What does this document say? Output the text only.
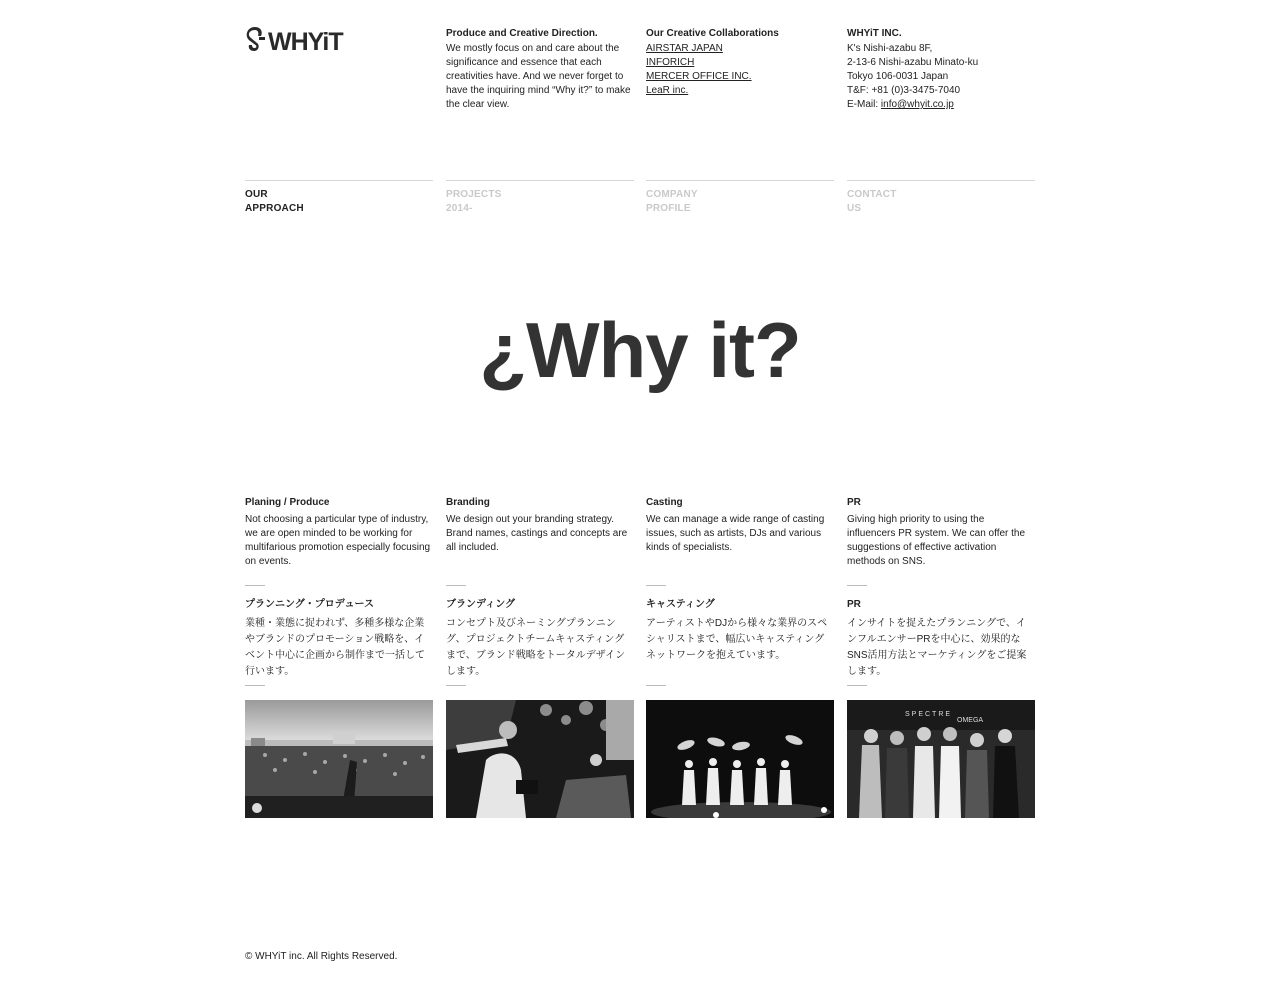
WHYiT	Produce and Creative Direction.
We mostly focus on and care about the significance and essence that each creativities have. And we never forget to have the inquiring mind “Why it?” to make the clear view.
Our Creative Collaborations
AIRSTAR JAPAN
INFORICH
MERCER OFFICE INC.
LeaR inc.
WHYiT INC.
K's Nishi-azabu 8F,
2-13-6 Nishi-azabu Minato-ku
Tokyo 106-0031 Japan
T&F: +81 (0)3-3475-7040
E-Mail: info@whyit.co.jp
OUR
APPROACH
PROJECTS
2014-
COMPANY
PROFILE
CONTACT
US
¿Why it?
Planing / Produce
Not choosing a particular type of industry, we are open minded to be working for multifarious promotion especially focusing on events.
Branding
We design out your branding strategy. Brand names, castings and concepts are all included.
Casting
We can manage a wide range of casting issues, such as artists, DJs and various kinds of specialists.
PR
Giving high priority to using the influencers PR system. We can offer the suggestions of effective activation methods on SNS.
プランニング・プロデュース
業種・業態に捉われず、多種多様な企業やブランドのプロモーション戦略を、イベント中心に企画から制作まで一括して行います。
ブランディング
コンセプト及びネーミングプランニング、プロジェクトチームキャスティングまで、ブランド戦略をトータルデザインします。
キャスティング
アーティストやDJから様々な業界のスペシャリストまで、幅広いキャスティングネットワークを抱えています。
PR
インサイトを捉えたプランニングで、インフルエンサーPRを中心に、効果的なSNS活用方法とマーケティングをご提案します。
SPECTRE
OMEGA
© WHYiT inc. All Rights Reserved.
